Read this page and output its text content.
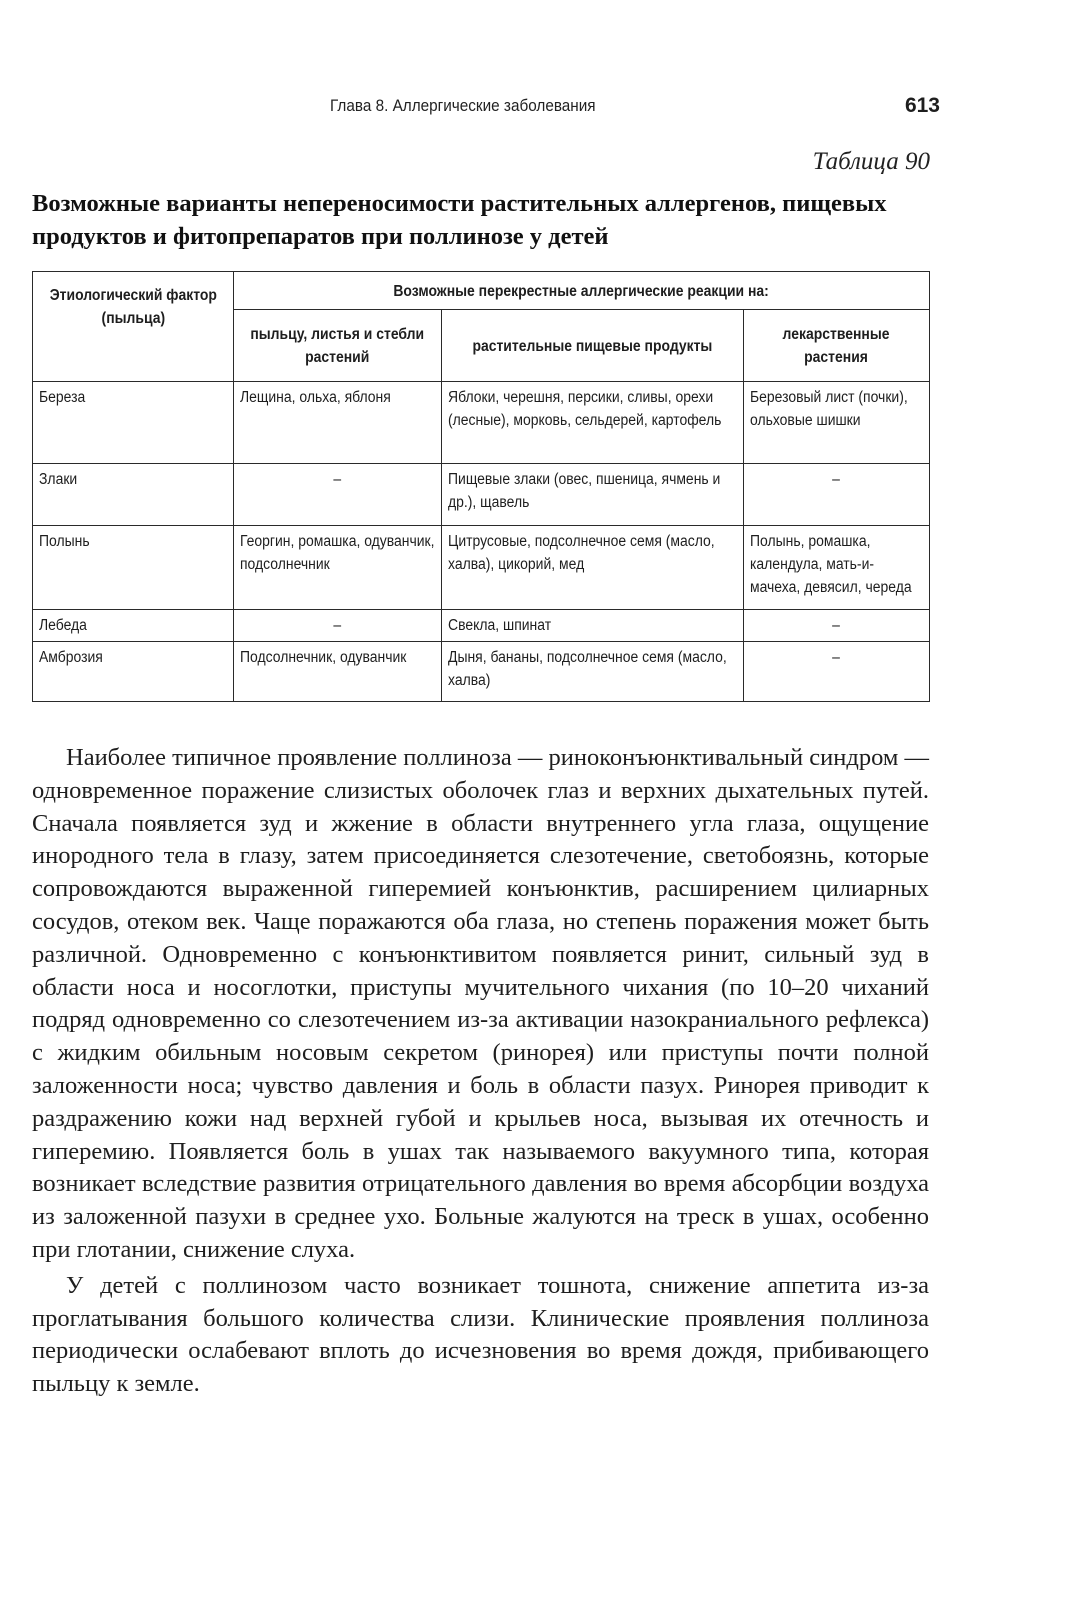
Глава 8. Аллергические заболевания	613
Таблица 90
Возможные варианты непереносимости растительных аллергенов, пищевых продуктов и фитопрепаратов при поллинозе у детей
Этиологический фактор (пыльца)	Возможные перекрестные аллергические реакции на:		
	пыльцу, листья и стебли растений	растительные пищевые продукты	лекарственные растения
Береза	Лещина, ольха, яблоня	Яблоки, черешня, персики, сливы, орехи (лесные), морковь, сельдерей, картофель	Березовый лист (почки), ольховые шишки
Злаки	–	Пищевые злаки (овес, пшеница, ячмень и др.), щавель	–
Полынь	Георгин, ромашка, одуванчик, подсолнечник	Цитрусовые, подсолнечное семя (масло, халва), цикорий, мед	Полынь, ромашка, календула, мать-и-мачеха, девясил, череда
Лебеда	–	Свекла, шпинат	–
Амброзия	Подсолнечник, одуванчик	Дыня, бананы, подсолнечное семя (масло, халва)	–

Наиболее типичное проявление поллиноза — риноконъюнктивальный синдром — одновременное поражение слизистых оболочек глаз и верхних дыхательных путей. Сначала появляется зуд и жжение в области внутреннего угла глаза, ощущение инородного тела в глазу, затем присоединяется слезотечение, светобоязнь, которые сопровождаются выраженной гиперемией конъюнктив, расширением цилиарных сосудов, отеком век. Чаще поражаются оба глаза, но степень поражения может быть различной. Одновременно с конъюнктивитом появляется ринит, сильный зуд в области носа и носоглотки, приступы мучительного чихания (по 10–20 чиханий подряд одновременно со слезотечением из-за активации назокраниального рефлекса) с жидким обильным носовым секретом (ринорея) или приступы почти полной заложенности носа; чувство давления и боль в области пазух. Ринорея приводит к раздражению кожи над верхней губой и крыльев носа, вызывая их отечность и гиперемию. Появляется боль в ушах так называемого вакуумного типа, которая возникает вследствие развития отрицательного давления во время абсорбции воздуха из заложенной пазухи в среднее ухо. Больные жалуются на треск в ушах, особенно при глотании, снижение слуха.

У детей с поллинозом часто возникает тошнота, снижение аппетита из-за проглатывания большого количества слизи. Клинические проявления поллиноза периодически ослабевают вплоть до исчезновения во время дождя, прибивающего пыльцу к земле.
